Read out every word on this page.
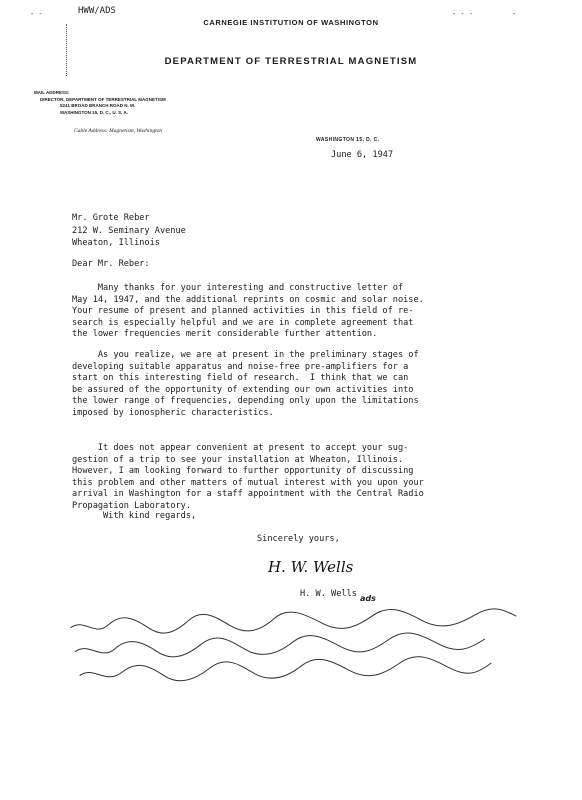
- -	- - -	-
HWW/ADS
CARNEGIE INSTITUTION OF WASHINGTON
DEPARTMENT OF TERRESTRIAL MAGNETISM
MAIL ADDRESS:
DIRECTOR, DEPARTMENT OF TERRESTRIAL MAGNETISM
5241 BROAD BRANCH ROAD N. W.
WASHINGTON 15, D. C., U. S. A.
Cable Address: Magnetism, Washington
WASHINGTON 15, D. C.
June 6, 1947
Mr. Grote Reber
212 W. Seminary Avenue
Wheaton, Illinois
Dear Mr. Reber:
Many thanks for your interesting and constructive letter of
May 14, 1947, and the additional reprints on cosmic and solar noise.
Your resume of present and planned activities in this field of re-
search is especially helpful and we are in complete agreement that
the lower frequencies merit considerable further attention.
As you realize, we are at present in the preliminary stages of
developing suitable apparatus and noise-free pre-amplifiers for a
start on this interesting field of research.  I think that we can
be assured of the opportunity of extending our own activities into
the lower range of frequencies, depending only upon the limitations
imposed by ionospheric characteristics.
It does not appear convenient at present to accept your sug-
gestion of a trip to see your installation at Wheaton, Illinois.
However, I am looking forward to further opportunity of discussing
this problem and other matters of mutual interest with you upon your
arrival in Washington for a staff appointment with the Central Radio
Propagation Laboratory.
With kind regards,
Sincerely yours,
H. W. Wells
H. W. Wells ads
